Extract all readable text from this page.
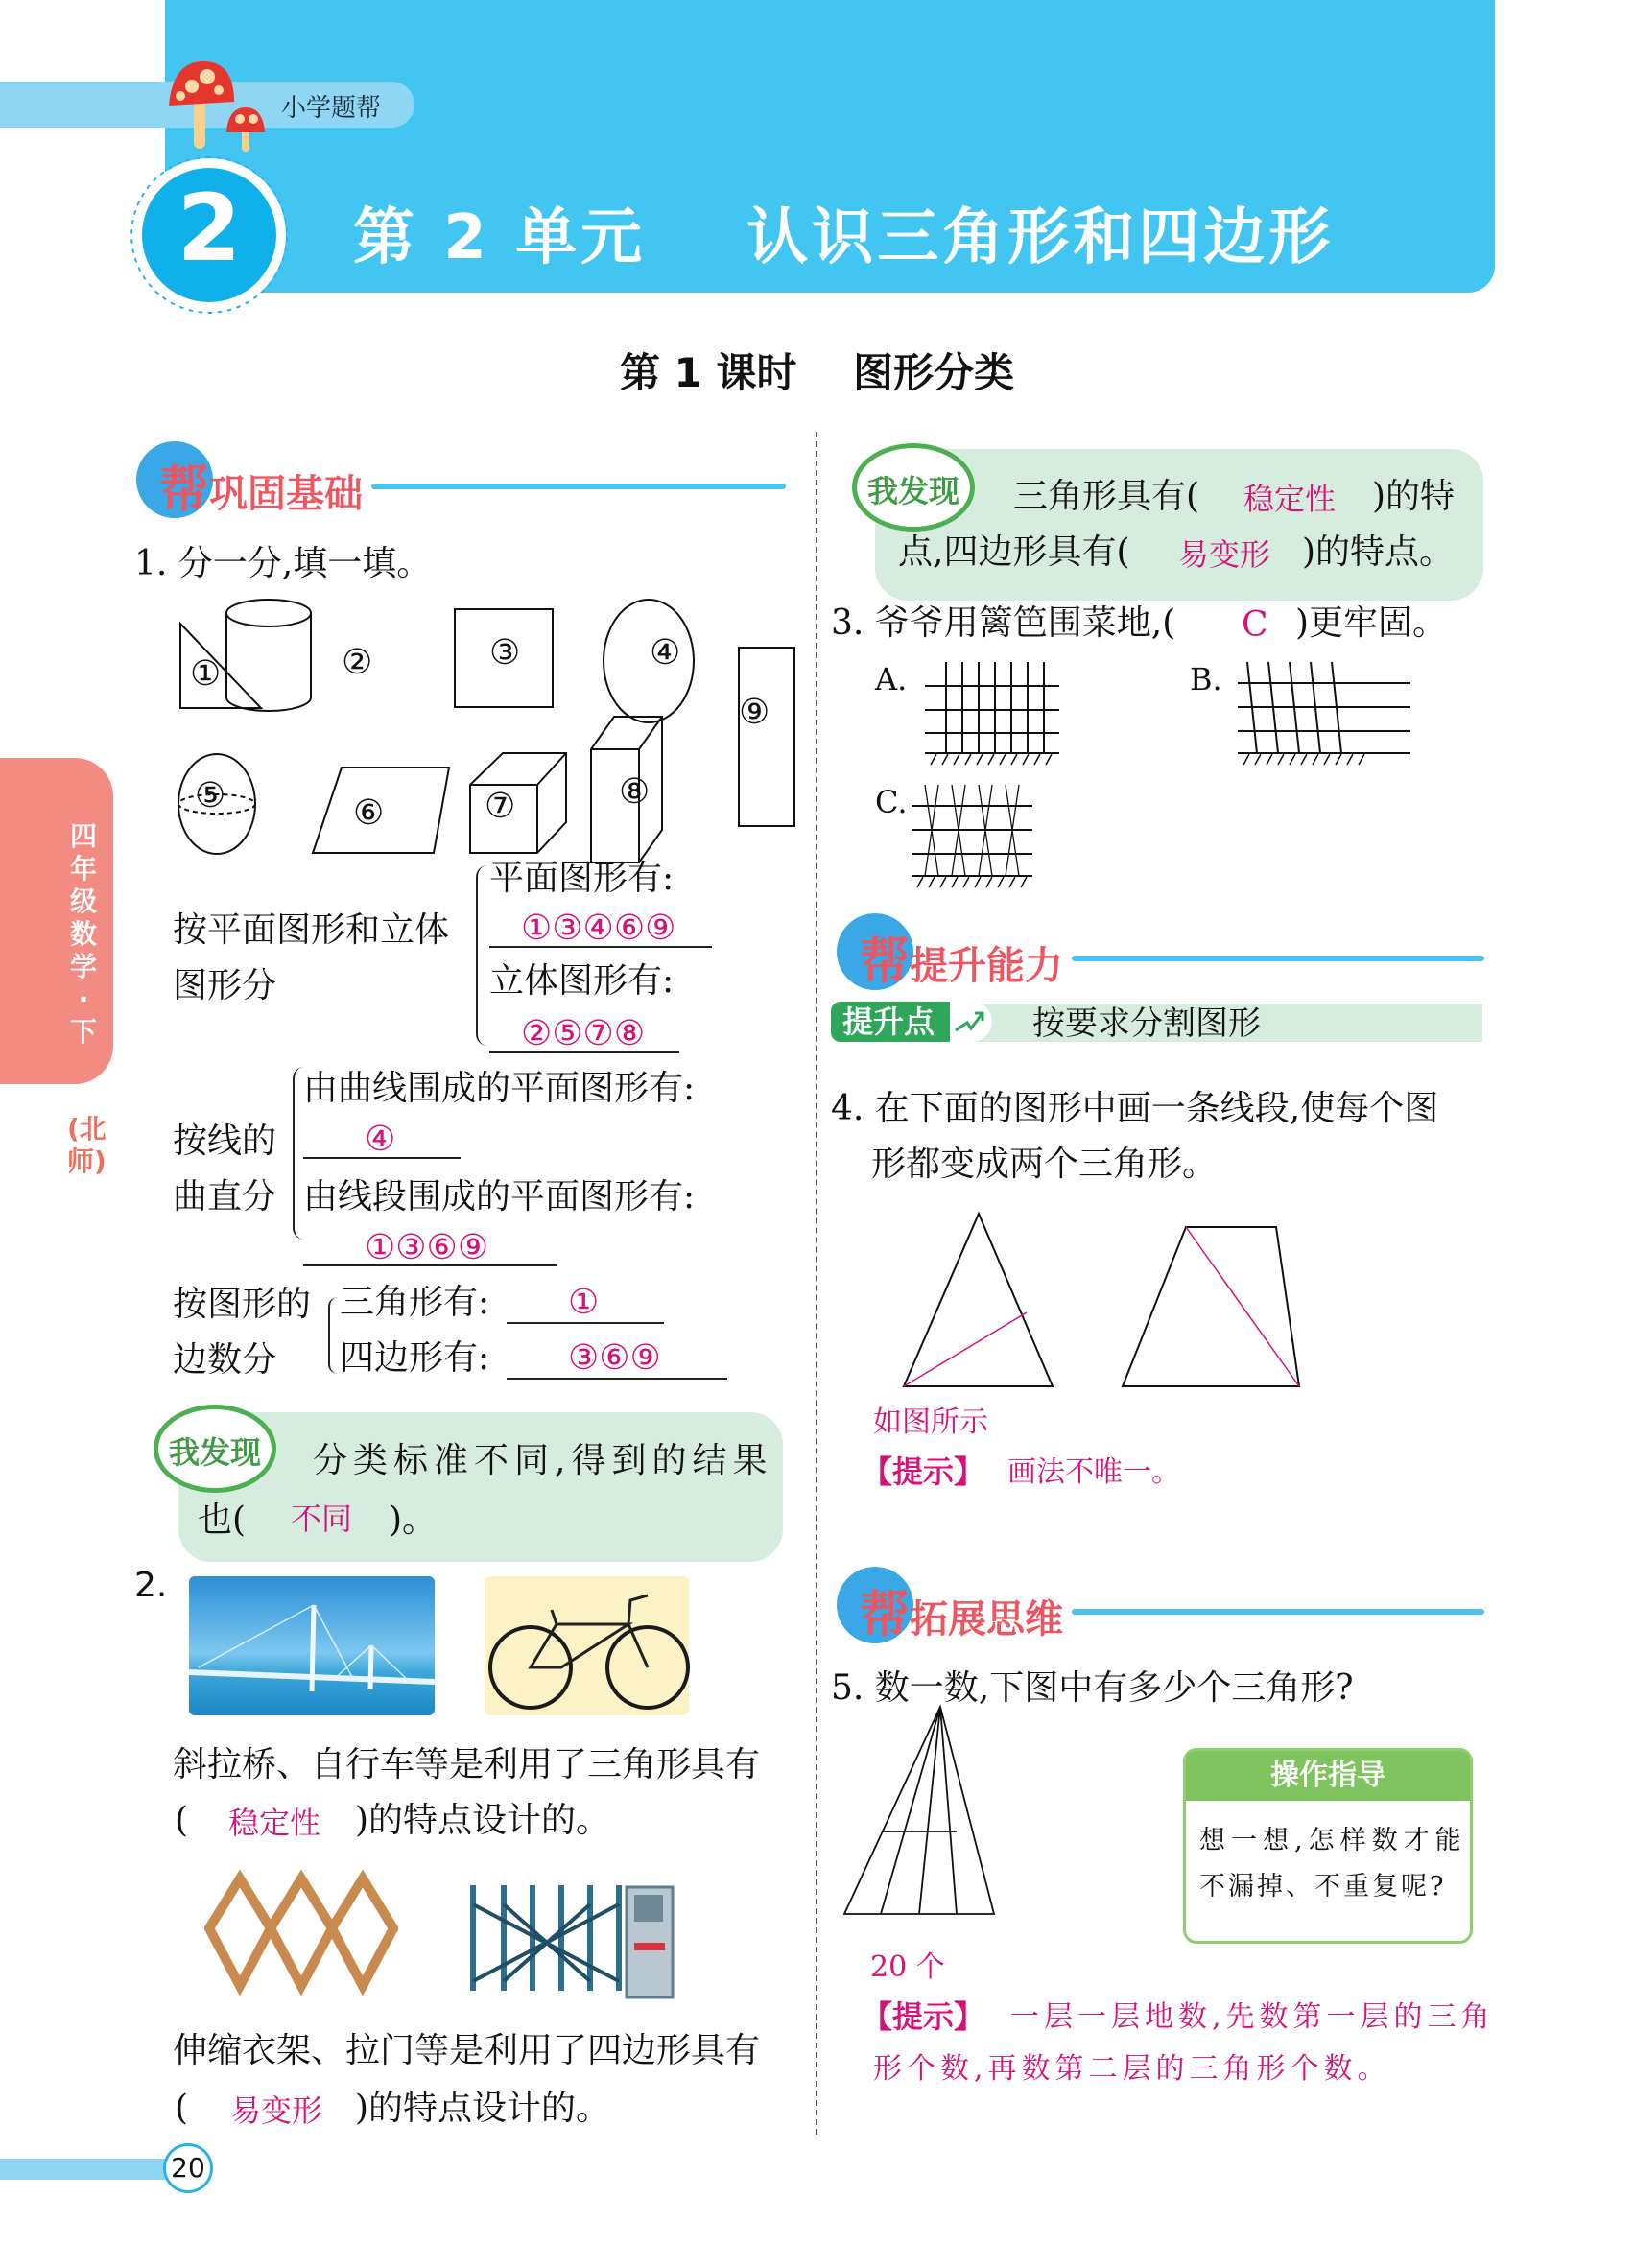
小学题帮
2	第 2 单元    认识三角形和四边形
第 1 课时    图形分类
四年级数学·下
(北师)
帮巩固基础
1. 分一分,填一填。
①	②	③	④
⑨
⑤	⑥	⑦	⑧
按平面图形和立体
图形分
平面图形有:
①③④⑥⑨
立体图形有:
②⑤⑦⑧
按线的
曲直分
由曲线围成的平面图形有:
④
由线段围成的平面图形有:
①③⑥⑨
按图形的
边数分
三角形有: ①
四边形有: ③⑥⑨
我发现	分类标准不同,得到的结果
也( 不同 )。
2.
斜拉桥、自行车等是利用了三角形具有
( 稳定性 )的特点设计的。
伸缩衣架、拉门等是利用了四边形具有
( 易变形 )的特点设计的。
我发现	三角形具有( 稳定性 )的特
点,四边形具有( 易变形 )的特点。
3. 爷爷用篱笆围菜地,( C )更牢固。
A.	B.
C.
帮提升能力
提升点	按要求分割图形
4. 在下面的图形中画一条线段,使每个图
形都变成两个三角形。
如图所示
【提示】 画法不唯一。
帮拓展思维
5. 数一数,下图中有多少个三角形?
操作指导
想一想,怎样数才能
不漏掉、不重复呢?
20 个
【提示】 一层一层地数,先数第一层的三角
形个数,再数第二层的三角形个数。
20
